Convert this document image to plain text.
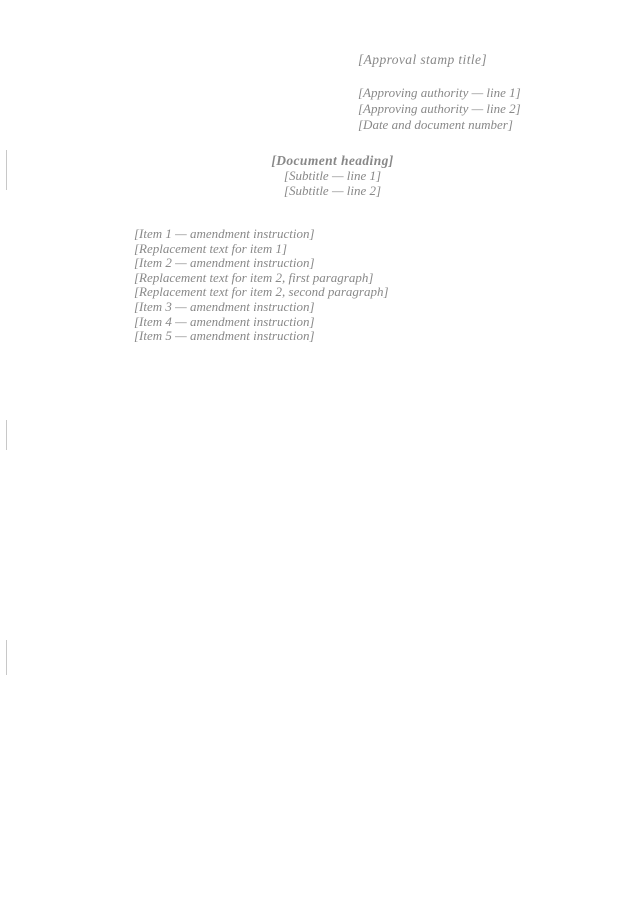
[Approval stamp title]
[Approving authority — line 1]
[Approving authority — line 2]
[Date and document number]
[Document heading]
[Subtitle — line 1]
[Subtitle — line 2]

[Item 1 — amendment instruction]

[Replacement text for item 1]

[Item 2 — amendment instruction]

[Replacement text for item 2, first paragraph]

[Replacement text for item 2, second paragraph]

[Item 3 — amendment instruction]

[Item 4 — amendment instruction]

[Item 5 — amendment instruction]
